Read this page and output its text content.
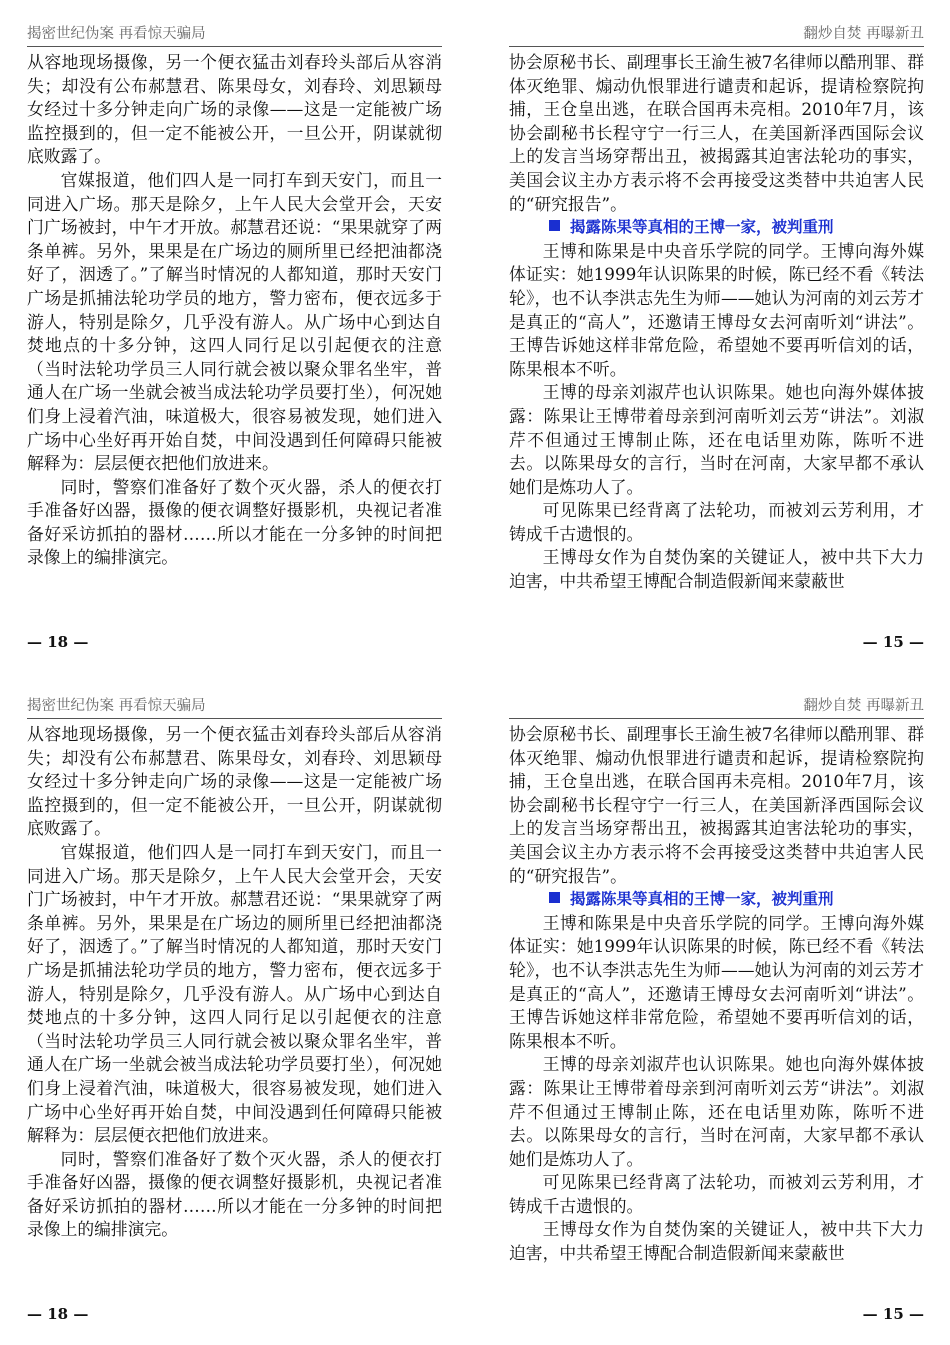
揭密世纪伪案 再看惊天骗局

从容地现场摄像，另一个便衣猛击刘春玲头部后从容消失；却没有公布郝慧君、陈果母女，刘春玲、刘思颖母女经过十多分钟走向广场的录像——这是一定能被广场监控摄到的，但一定不能被公开，一旦公开，阴谋就彻底败露了。

官媒报道，他们四人是一同打车到天安门，而且一同进入广场。那天是除夕，上午人民大会堂开会，天安门广场被封，中午才开放。郝慧君还说：“果果就穿了两条单裤。另外，果果是在广场边的厕所里已经把油都浇好了，洇透了。”了解当时情况的人都知道，那时天安门广场是抓捕法轮功学员的地方，警力密布，便衣远多于游人，特别是除夕，几乎没有游人。从广场中心到达自焚地点的十多分钟，这四人同行足以引起便衣的注意（当时法轮功学员三人同行就会被以聚众罪名坐牢，普通人在广场一坐就会被当成法轮功学员要打坐），何况她们身上浸着汽油，味道极大，很容易被发现，她们进入广场中心坐好再开始自焚，中间没遇到任何障碍只能被解释为：层层便衣把他们放进来。

同时，警察们准备好了数个灭火器，杀人的便衣打手准备好凶器，摄像的便衣调整好摄影机，央视记者准备好采访抓拍的器材……所以才能在一分多钟的时间把录像上的编排演完。

— 18 —
翻炒自焚 再曝新丑

协会原秘书长、副理事长王渝生被7名律师以酷刑罪、群体灭绝罪、煽动仇恨罪进行谴责和起诉，提请检察院拘捕，王仓皇出逃，在联合国再未亮相。2010年7月，该协会副秘书长程守宁一行三人，在美国新泽西国际会议上的发言当场穿帮出丑，被揭露其迫害法轮功的事实，美国会议主办方表示将不会再接受这类替中共迫害人民的“研究报告”。

揭露陈果等真相的王博一家，被判重刑

王博和陈果是中央音乐学院的同学。王博向海外媒体证实：她1999年认识陈果的时候，陈已经不看《转法轮》，也不认李洪志先生为师——她认为河南的刘云芳才是真正的“高人”，还邀请王博母女去河南听刘“讲法”。王博告诉她这样非常危险，希望她不要再听信刘的话，陈果根本不听。

王博的母亲刘淑芹也认识陈果。她也向海外媒体披露：陈果让王博带着母亲到河南听刘云芳“讲法”。刘淑芹不但通过王博制止陈，还在电话里劝陈，陈听不进去。以陈果母女的言行，当时在河南，大家早都不承认她们是炼功人了。

可见陈果已经背离了法轮功，而被刘云芳利用，才铸成千古遗恨的。

王博母女作为自焚伪案的关键证人，被中共下大力迫害，中共希望王博配合制造假新闻来蒙蔽世

— 15 —
揭密世纪伪案 再看惊天骗局

从容地现场摄像，另一个便衣猛击刘春玲头部后从容消失；却没有公布郝慧君、陈果母女，刘春玲、刘思颖母女经过十多分钟走向广场的录像——这是一定能被广场监控摄到的，但一定不能被公开，一旦公开，阴谋就彻底败露了。

官媒报道，他们四人是一同打车到天安门，而且一同进入广场。那天是除夕，上午人民大会堂开会，天安门广场被封，中午才开放。郝慧君还说：“果果就穿了两条单裤。另外，果果是在广场边的厕所里已经把油都浇好了，洇透了。”了解当时情况的人都知道，那时天安门广场是抓捕法轮功学员的地方，警力密布，便衣远多于游人，特别是除夕，几乎没有游人。从广场中心到达自焚地点的十多分钟，这四人同行足以引起便衣的注意（当时法轮功学员三人同行就会被以聚众罪名坐牢，普通人在广场一坐就会被当成法轮功学员要打坐），何况她们身上浸着汽油，味道极大，很容易被发现，她们进入广场中心坐好再开始自焚，中间没遇到任何障碍只能被解释为：层层便衣把他们放进来。

同时，警察们准备好了数个灭火器，杀人的便衣打手准备好凶器，摄像的便衣调整好摄影机，央视记者准备好采访抓拍的器材……所以才能在一分多钟的时间把录像上的编排演完。

— 18 —
翻炒自焚 再曝新丑

协会原秘书长、副理事长王渝生被7名律师以酷刑罪、群体灭绝罪、煽动仇恨罪进行谴责和起诉，提请检察院拘捕，王仓皇出逃，在联合国再未亮相。2010年7月，该协会副秘书长程守宁一行三人，在美国新泽西国际会议上的发言当场穿帮出丑，被揭露其迫害法轮功的事实，美国会议主办方表示将不会再接受这类替中共迫害人民的“研究报告”。

揭露陈果等真相的王博一家，被判重刑

王博和陈果是中央音乐学院的同学。王博向海外媒体证实：她1999年认识陈果的时候，陈已经不看《转法轮》，也不认李洪志先生为师——她认为河南的刘云芳才是真正的“高人”，还邀请王博母女去河南听刘“讲法”。王博告诉她这样非常危险，希望她不要再听信刘的话，陈果根本不听。

王博的母亲刘淑芹也认识陈果。她也向海外媒体披露：陈果让王博带着母亲到河南听刘云芳“讲法”。刘淑芹不但通过王博制止陈，还在电话里劝陈，陈听不进去。以陈果母女的言行，当时在河南，大家早都不承认她们是炼功人了。

可见陈果已经背离了法轮功，而被刘云芳利用，才铸成千古遗恨的。

王博母女作为自焚伪案的关键证人，被中共下大力迫害，中共希望王博配合制造假新闻来蒙蔽世

— 15 —
